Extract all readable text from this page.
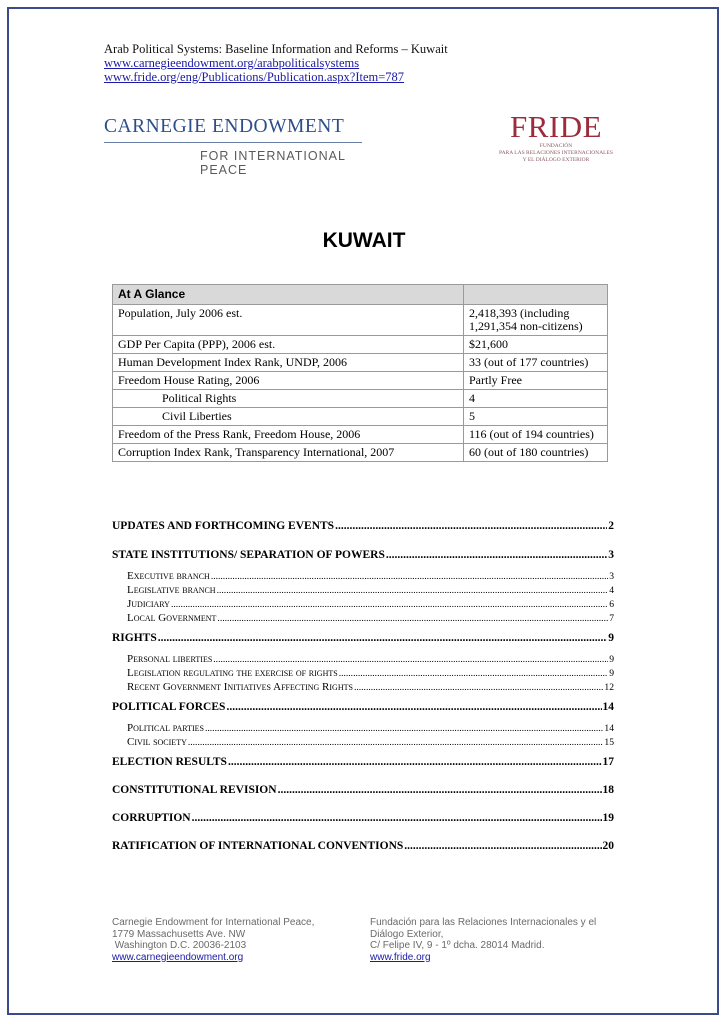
Arab Political Systems: Baseline Information and Reforms – Kuwait
www.carnegieendowment.org/arabpoliticalsystems
www.fride.org/eng/Publications/Publication.aspx?Item=787
CARNEGIE ENDOWMENT
FOR INTERNATIONAL PEACE
FRIDE
FUNDACIÓN
PARA LAS RELACIONES INTERNACIONALES
Y EL DIÁLOGO EXTERIOR
KUWAIT
At A Glance	
Population, July 2006 est.	2,418,393 (including 1,291,354 non-citizens)
GDP Per Capita (PPP), 2006 est.	$21,600
Human Development Index Rank, UNDP, 2006	33 (out of 177 countries)
Freedom House Rating, 2006	Partly Free
Political Rights	4
Civil Liberties	5
Freedom of the Press Rank, Freedom House, 2006	116 (out of 194 countries)
Corruption Index Rank, Transparency International, 2007	60 (out of 180 countries)
UPDATES AND FORTHCOMING EVENTS .....	2
STATE INSTITUTIONS/ SEPARATION OF POWERS .....	3
Executive branch .....	3
Legislative branch .....	4
Judiciary .....	6
Local Government .....	7
RIGHTS .....	9
Personal liberties .....	9
Legislation regulating the exercise of rights .....	9
Recent Government Initiatives Affecting Rights .....	12
POLITICAL FORCES .....	14
Political parties .....	14
Civil society .....	15
ELECTION RESULTS .....	17
CONSTITUTIONAL REVISION .....	18
CORRUPTION .....	19
RATIFICATION OF INTERNATIONAL CONVENTIONS .....	20
Carnegie Endowment for International Peace,
1779 Massachusetts Ave. NW
Washington D.C. 20036-2103
www.carnegieendowment.org
Fundación para las Relaciones Internacionales y el
Diálogo Exterior,
C/ Felipe IV, 9 - 1º dcha. 28014 Madrid.
www.fride.org
